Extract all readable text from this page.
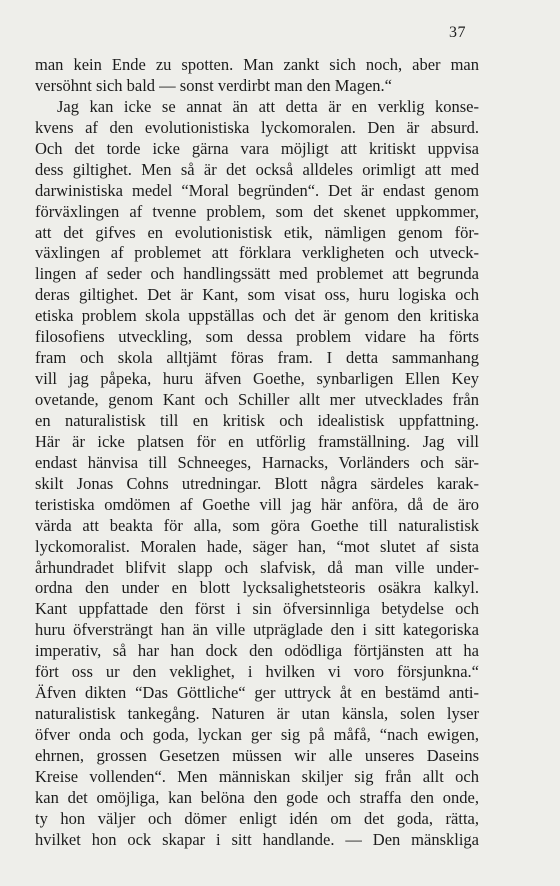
37
man kein Ende zu spotten. Man zankt sich noch, aber man
versöhnt sich bald — sonst verdirbt man den Magen.“
Jag kan icke se annat än att detta är en verklig konse-
kvens af den evolutionistiska lyckomoralen. Den är absurd.
Och det torde icke gärna vara möjligt att kritiskt uppvisa
dess giltighet. Men så är det också alldeles orimligt att med
darwinistiska medel “Moral begründen“. Det är endast genom
förväxlingen af tvenne problem, som det skenet uppkommer,
att det gifves en evolutionistisk etik, nämligen genom för-
växlingen af problemet att förklara verkligheten och utveck-
lingen af seder och handlingssätt med problemet att begrunda
deras giltighet. Det är Kant, som visat oss, huru logiska och
etiska problem skola uppställas och det är genom den kritiska
filosofiens utveckling, som dessa problem vidare ha förts
fram och skola alltjämt föras fram. I detta sammanhang
vill jag påpeka, huru äfven Goethe, synbarligen Ellen Key
ovetande, genom Kant och Schiller allt mer utvecklades från
en naturalistisk till en kritisk och idealistisk uppfattning.
Här är icke platsen för en utförlig framställning. Jag vill
endast hänvisa till Schneeges, Harnacks, Vorländers och sär-
skilt Jonas Cohns utredningar. Blott några särdeles karak-
teristiska omdömen af Goethe vill jag här anföra, då de äro
värda att beakta för alla, som göra Goethe till naturalistisk
lyckomoralist. Moralen hade, säger han, “mot slutet af sista
århundradet blifvit slapp och slafvisk, då man ville under-
ordna den under en blott lycksalighetsteoris osäkra kalkyl.
Kant uppfattade den först i sin öfversinnliga betydelse och
huru öfversträngt han än ville utpräglade den i sitt kategoriska
imperativ, så har han dock den odödliga förtjänsten att ha
fört oss ur den veklighet, i hvilken vi voro försjunkna.“
Äfven dikten “Das Göttliche“ ger uttryck åt en bestämd anti-
naturalistisk tankegång. Naturen är utan känsla, solen lyser
öfver onda och goda, lyckan ger sig på måfå, “nach ewigen,
ehrnen, grossen Gesetzen müssen wir alle unseres Daseins
Kreise vollenden“. Men människan skiljer sig från allt och
kan det omöjliga, kan belöna den gode och straffa den onde,
ty hon väljer och dömer enligt idén om det goda, rätta,
hvilket hon ock skapar i sitt handlande. — Den mänskliga
